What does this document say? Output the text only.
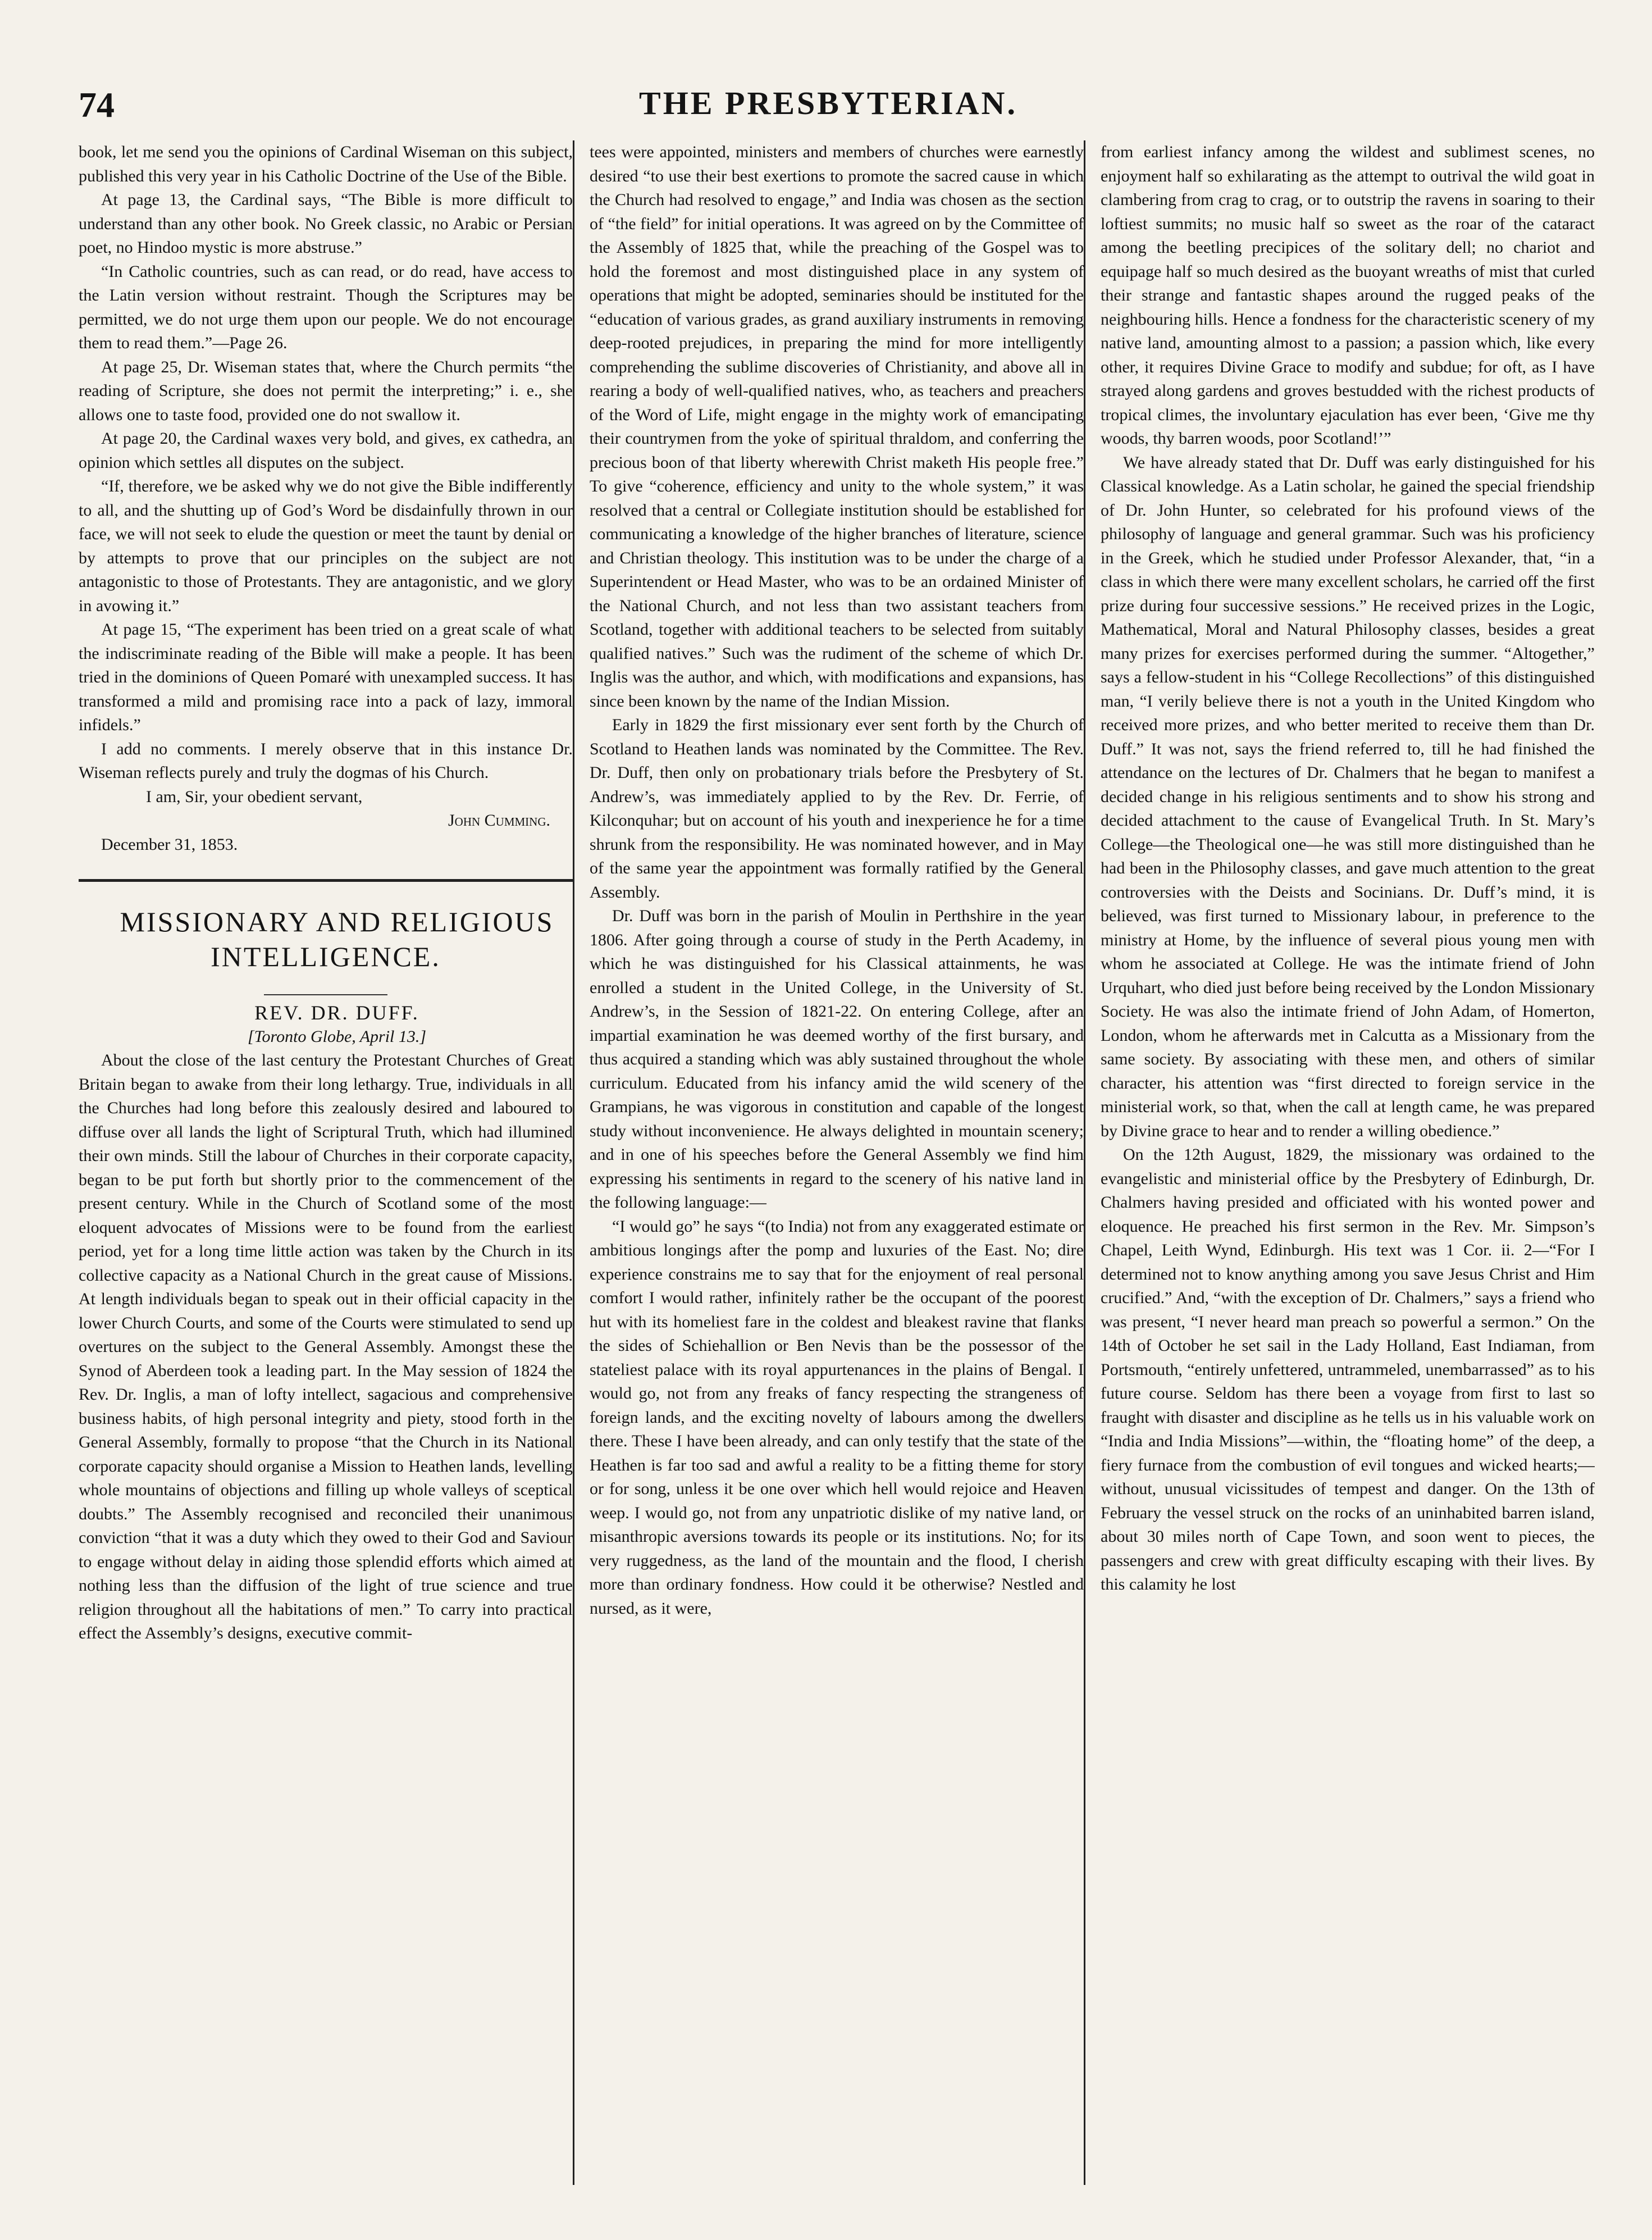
74	THE PRESBYTERIAN.

book, let me send you the opinions of Cardinal Wiseman on this subject, published this very year in his Catholic Doctrine of the Use of the Bible.

At page 13, the Cardinal says, “The Bible is more difficult to understand than any other book. No Greek classic, no Arabic or Persian poet, no Hindoo mystic is more abstruse.”

“In Catholic countries, such as can read, or do read, have access to the Latin version without restraint. Though the Scriptures may be permitted, we do not urge them upon our people. We do not encourage them to read them.”—Page 26.

At page 25, Dr. Wiseman states that, where the Church permits “the reading of Scripture, she does not permit the interpreting;” i. e., she allows one to taste food, provided one do not swallow it.

At page 20, the Cardinal waxes very bold, and gives, ex cathedra, an opinion which settles all disputes on the subject.

“If, therefore, we be asked why we do not give the Bible indifferently to all, and the shutting up of God’s Word be disdainfully thrown in our face, we will not seek to elude the question or meet the taunt by denial or by attempts to prove that our principles on the subject are not antagonistic to those of Protestants. They are antagonistic, and we glory in avowing it.”

At page 15, “The experiment has been tried on a great scale of what the indiscriminate reading of the Bible will make a people. It has been tried in the dominions of Queen Pomaré with unexampled success. It has transformed a mild and promising race into a pack of lazy, immoral infidels.”

I add no comments. I merely observe that in this instance Dr. Wiseman reflects purely and truly the dogmas of his Church.

I am, Sir, your obedient servant,

John Cumming.

December 31, 1853.

MISSIONARY AND RELIGIOUS INTELLIGENCE.

REV. DR. DUFF.

[Toronto Globe, April 13.]

About the close of the last century the Protestant Churches of Great Britain began to awake from their long lethargy. True, individuals in all the Churches had long before this zealously desired and laboured to diffuse over all lands the light of Scriptural Truth, which had illumined their own minds. Still the labour of Churches in their corporate capacity, began to be put forth but shortly prior to the commencement of the present century. While in the Church of Scotland some of the most eloquent advocates of Missions were to be found from the earliest period, yet for a long time little action was taken by the Church in its collective capacity as a National Church in the great cause of Missions. At length individuals began to speak out in their official capacity in the lower Church Courts, and some of the Courts were stimulated to send up overtures on the subject to the General Assembly. Amongst these the Synod of Aberdeen took a leading part. In the May session of 1824 the Rev. Dr. Inglis, a man of lofty intellect, sagacious and comprehensive business habits, of high personal integrity and piety, stood forth in the General Assembly, formally to propose “that the Church in its National corporate capacity should organise a Mission to Heathen lands, levelling whole mountains of objections and filling up whole valleys of sceptical doubts.” The Assembly recognised and reconciled their unanimous conviction “that it was a duty which they owed to their God and Saviour to engage without delay in aiding those splendid efforts which aimed at nothing less than the diffusion of the light of true science and true religion throughout all the habitations of men.” To carry into practical effect the Assembly’s designs, executive commit-

tees were appointed, ministers and members of churches were earnestly desired “to use their best exertions to promote the sacred cause in which the Church had resolved to engage,” and India was chosen as the section of “the field” for initial operations. It was agreed on by the Committee of the Assembly of 1825 that, while the preaching of the Gospel was to hold the foremost and most distinguished place in any system of operations that might be adopted, seminaries should be instituted for the “education of various grades, as grand auxiliary instruments in removing deep-rooted prejudices, in preparing the mind for more intelligently comprehending the sublime discoveries of Christianity, and above all in rearing a body of well-qualified natives, who, as teachers and preachers of the Word of Life, might engage in the mighty work of emancipating their countrymen from the yoke of spiritual thraldom, and conferring the precious boon of that liberty wherewith Christ maketh His people free.” To give “coherence, efficiency and unity to the whole system,” it was resolved that a central or Collegiate institution should be established for communicating a knowledge of the higher branches of literature, science and Christian theology. This institution was to be under the charge of a Superintendent or Head Master, who was to be an ordained Minister of the National Church, and not less than two assistant teachers from Scotland, together with additional teachers to be selected from suitably qualified natives.” Such was the rudiment of the scheme of which Dr. Inglis was the author, and which, with modifications and expansions, has since been known by the name of the Indian Mission.

Early in 1829 the first missionary ever sent forth by the Church of Scotland to Heathen lands was nominated by the Committee. The Rev. Dr. Duff, then only on probationary trials before the Presbytery of St. Andrew’s, was immediately applied to by the Rev. Dr. Ferrie, of Kilconquhar; but on account of his youth and inexperience he for a time shrunk from the responsibility. He was nominated however, and in May of the same year the appointment was formally ratified by the General Assembly.

Dr. Duff was born in the parish of Moulin in Perthshire in the year 1806. After going through a course of study in the Perth Academy, in which he was distinguished for his Classical attainments, he was enrolled a student in the United College, in the University of St. Andrew’s, in the Session of 1821-22. On entering College, after an impartial examination he was deemed worthy of the first bursary, and thus acquired a standing which was ably sustained throughout the whole curriculum. Educated from his infancy amid the wild scenery of the Grampians, he was vigorous in constitution and capable of the longest study without inconvenience. He always delighted in mountain scenery; and in one of his speeches before the General Assembly we find him expressing his sentiments in regard to the scenery of his native land in the following language:—

“I would go” he says “(to India) not from any exaggerated estimate or ambitious longings after the pomp and luxuries of the East. No; dire experience constrains me to say that for the enjoyment of real personal comfort I would rather, infinitely rather be the occupant of the poorest hut with its homeliest fare in the coldest and bleakest ravine that flanks the sides of Schiehallion or Ben Nevis than be the possessor of the stateliest palace with its royal appurtenances in the plains of Bengal. I would go, not from any freaks of fancy respecting the strangeness of foreign lands, and the exciting novelty of labours among the dwellers there. These I have been already, and can only testify that the state of the Heathen is far too sad and awful a reality to be a fitting theme for story or for song, unless it be one over which hell would rejoice and Heaven weep. I would go, not from any unpatriotic dislike of my native land, or misanthropic aversions towards its people or its institutions. No; for its very ruggedness, as the land of the mountain and the flood, I cherish more than ordinary fondness. How could it be otherwise? Nestled and nursed, as it were,

from earliest infancy among the wildest and sublimest scenes, no enjoyment half so exhilarating as the attempt to outrival the wild goat in clambering from crag to crag, or to outstrip the ravens in soaring to their loftiest summits; no music half so sweet as the roar of the cataract among the beetling precipices of the solitary dell; no chariot and equipage half so much desired as the buoyant wreaths of mist that curled their strange and fantastic shapes around the rugged peaks of the neighbouring hills. Hence a fondness for the characteristic scenery of my native land, amounting almost to a passion; a passion which, like every other, it requires Divine Grace to modify and subdue; for oft, as I have strayed along gardens and groves bestudded with the richest products of tropical climes, the involuntary ejaculation has ever been, ‘Give me thy woods, thy barren woods, poor Scotland!’”

We have already stated that Dr. Duff was early distinguished for his Classical knowledge. As a Latin scholar, he gained the special friendship of Dr. John Hunter, so celebrated for his profound views of the philosophy of language and general grammar. Such was his proficiency in the Greek, which he studied under Professor Alexander, that, “in a class in which there were many excellent scholars, he carried off the first prize during four successive sessions.” He received prizes in the Logic, Mathematical, Moral and Natural Philosophy classes, besides a great many prizes for exercises performed during the summer. “Altogether,” says a fellow-student in his “College Recollections” of this distinguished man, “I verily believe there is not a youth in the United Kingdom who received more prizes, and who better merited to receive them than Dr. Duff.” It was not, says the friend referred to, till he had finished the attendance on the lectures of Dr. Chalmers that he began to manifest a decided change in his religious sentiments and to show his strong and decided attachment to the cause of Evangelical Truth. In St. Mary’s College—the Theological one—he was still more distinguished than he had been in the Philosophy classes, and gave much attention to the great controversies with the Deists and Socinians. Dr. Duff’s mind, it is believed, was first turned to Missionary labour, in preference to the ministry at Home, by the influence of several pious young men with whom he associated at College. He was the intimate friend of John Urquhart, who died just before being received by the London Missionary Society. He was also the intimate friend of John Adam, of Homerton, London, whom he afterwards met in Calcutta as a Missionary from the same society. By associating with these men, and others of similar character, his attention was “first directed to foreign service in the ministerial work, so that, when the call at length came, he was prepared by Divine grace to hear and to render a willing obedience.”

On the 12th August, 1829, the missionary was ordained to the evangelistic and ministerial office by the Presbytery of Edinburgh, Dr. Chalmers having presided and officiated with his wonted power and eloquence. He preached his first sermon in the Rev. Mr. Simpson’s Chapel, Leith Wynd, Edinburgh. His text was 1 Cor. ii. 2—“For I determined not to know anything among you save Jesus Christ and Him crucified.” And, “with the exception of Dr. Chalmers,” says a friend who was present, “I never heard man preach so powerful a sermon.” On the 14th of October he set sail in the Lady Holland, East Indiaman, from Portsmouth, “entirely unfettered, untrammeled, unembarrassed” as to his future course. Seldom has there been a voyage from first to last so fraught with disaster and discipline as he tells us in his valuable work on “India and India Missions”—within, the “floating home” of the deep, a fiery furnace from the combustion of evil tongues and wicked hearts;—without, unusual vicissitudes of tempest and danger. On the 13th of February the vessel struck on the rocks of an uninhabited barren island, about 30 miles north of Cape Town, and soon went to pieces, the passengers and crew with great difficulty escaping with their lives. By this calamity he lost
